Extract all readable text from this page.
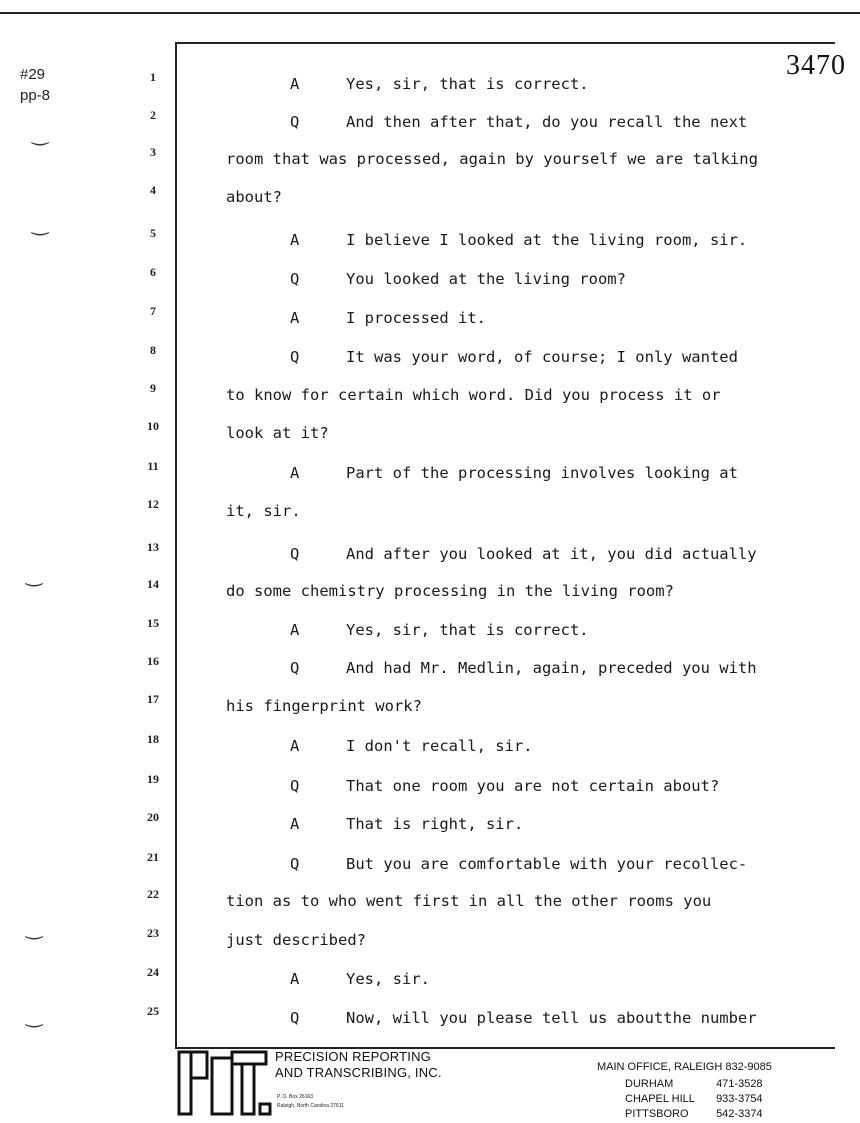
#29
pp-8
‿
‿
‿
‿
‿
3470
1	A	Yes, sir, that is correct.
2	Q	And then after that, do you recall the next
3	room that was processed, again by yourself we are talking
4	about?
5	A	I believe I looked at the living room, sir.
6	Q	You looked at the living room?
7	A	I processed it.
8	Q	It was your word, of course; I only wanted
9	to know for certain which word. Did you process it or
10	look at it?
11	A	Part of the processing involves looking at
12	it, sir.
13	Q	And after you looked at it, you did actually
14	do some chemistry processing in the living room?
15	A	Yes, sir, that is correct.
16	Q	And had Mr. Medlin, again, preceded you with
17	his fingerprint work?
18	A	I don't recall, sir.
19	Q	That one room you are not certain about?
20	A	That is right, sir.
21	Q	But you are comfortable with your recollec-
22	tion as to who went first in all the other rooms you
23	just described?
24	A	Yes, sir.
25	Q	Now, will you please tell us aboutthe number
PRECISION REPORTING
AND TRANSCRIBING, INC.
P. O. Box 26163
Raleigh, North Carolina 27611
MAIN OFFICE, RALEIGH 832-9085
DURHAM	471-3528
CHAPEL HILL 933-3754
PITTSBORO	542-3374
